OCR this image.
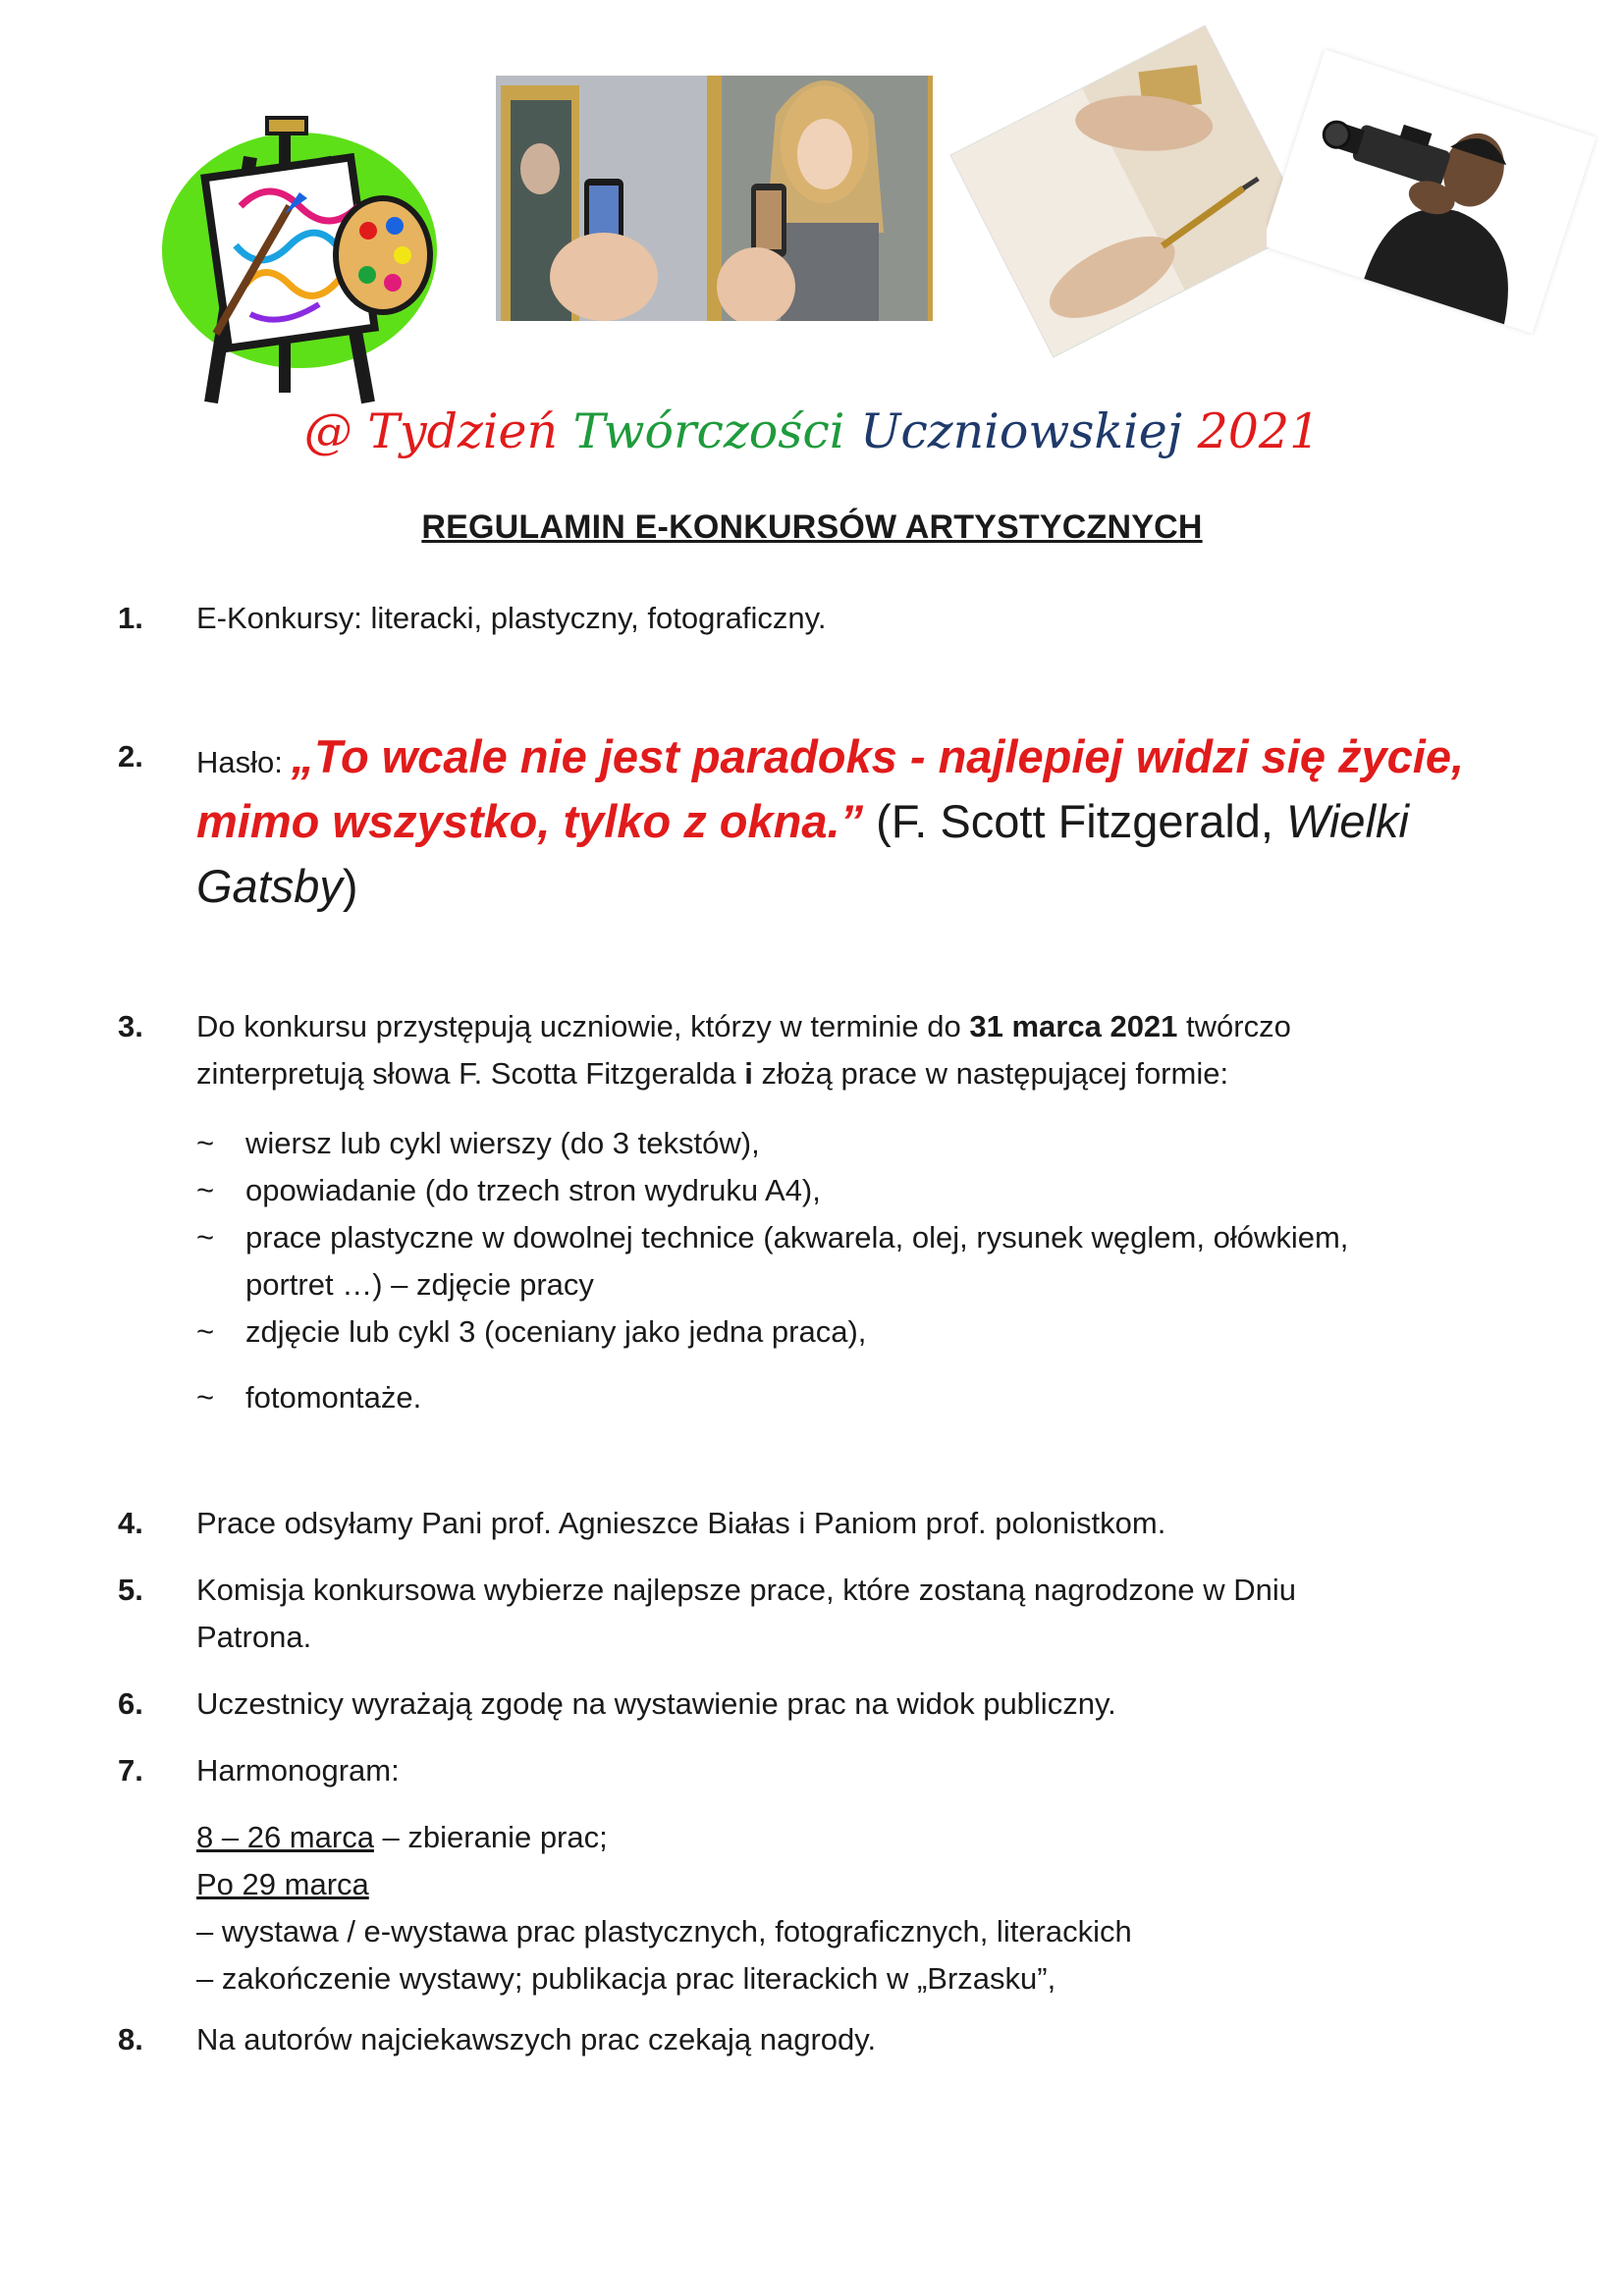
@ Tydzień Twórczości Uczniowskiej 2021
REGULAMIN E-KONKURSÓW ARTYSTYCZNYCH
1. E-Konkursy: literacki, plastyczny, fotograficzny.
2. Hasło: „To wcale nie jest paradoks - najlepiej widzi się życie,
mimo wszystko, tylko z okna.” (F. Scott Fitzgerald, Wielki
Gatsby)
3. Do konkursu przystępują uczniowie, którzy w terminie do 31 marca 2021 twórczo
zinterpretują słowa F. Scotta Fitzgeralda i złożą prace w następującej formie:
~ wiersz lub cykl wierszy (do 3 tekstów),
~ opowiadanie (do trzech stron wydruku A4),
~ prace plastyczne w dowolnej technice (akwarela, olej, rysunek węglem, ołówkiem,
portret …) – zdjęcie pracy
~ zdjęcie lub cykl 3 (oceniany jako jedna praca),
~ fotomontaże.
4. Prace odsyłamy Pani prof. Agnieszce Białas i Paniom prof. polonistkom.
5. Komisja konkursowa wybierze najlepsze prace, które zostaną nagrodzone w Dniu
Patrona.
6. Uczestnicy wyrażają zgodę na wystawienie prac na widok publiczny.
7. Harmonogram:
8 – 26 marca – zbieranie prac;
Po 29 marca
– wystawa / e-wystawa prac plastycznych, fotograficznych, literackich
– zakończenie wystawy; publikacja prac literackich w „Brzasku”,
8. Na autorów najciekawszych prac czekają nagrody.
